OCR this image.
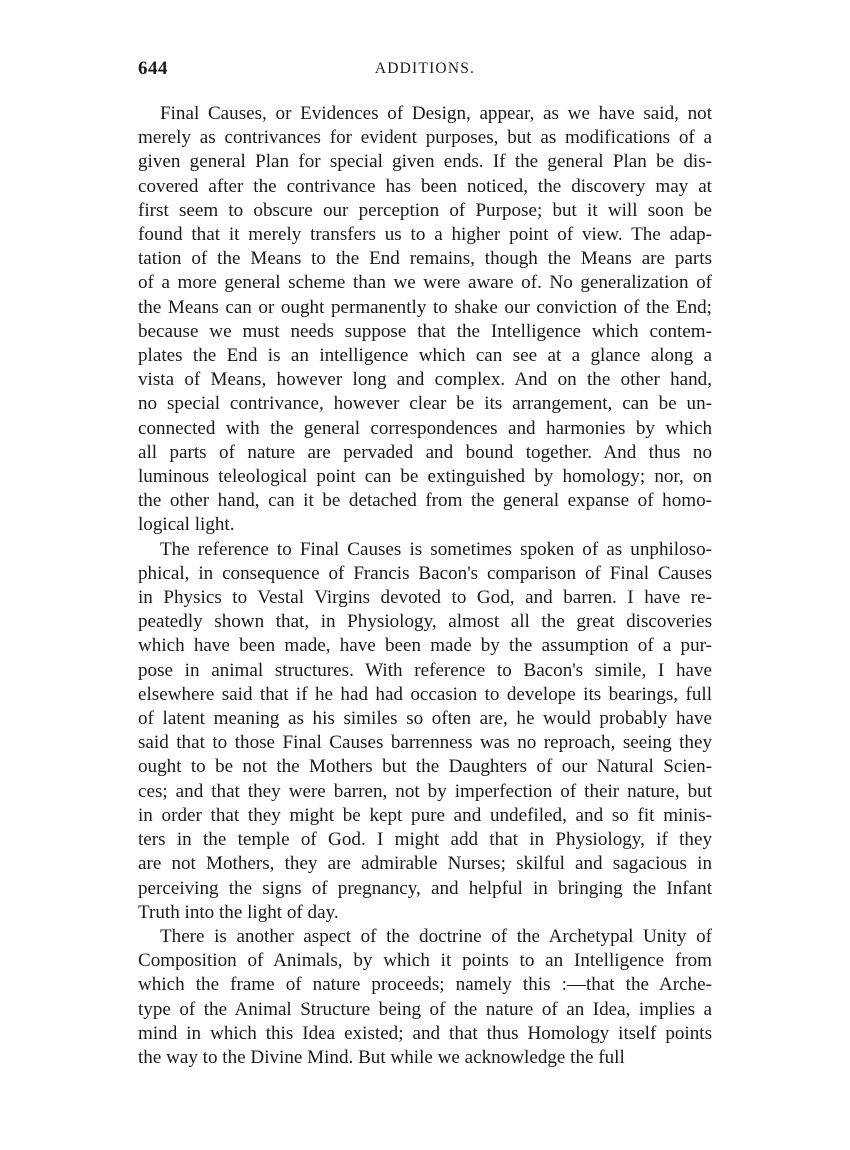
644	ADDITIONS.

Final Causes, or Evidences of Design, appear, as we have said, not
merely as contrivances for evident purposes, but as modifications of a
given general Plan for special given ends. If the general Plan be dis-
covered after the contrivance has been noticed, the discovery may at
first seem to obscure our perception of Purpose; but it will soon be
found that it merely transfers us to a higher point of view. The adap-
tation of the Means to the End remains, though the Means are parts
of a more general scheme than we were aware of. No generalization of
the Means can or ought permanently to shake our conviction of the End;
because we must needs suppose that the Intelligence which contem-
plates the End is an intelligence which can see at a glance along a
vista of Means, however long and complex. And on the other hand,
no special contrivance, however clear be its arrangement, can be un-
connected with the general correspondences and harmonies by which
all parts of nature are pervaded and bound together. And thus no
luminous teleological point can be extinguished by homology; nor, on
the other hand, can it be detached from the general expanse of homo-
logical light.

The reference to Final Causes is sometimes spoken of as unphiloso-
phical, in consequence of Francis Bacon's comparison of Final Causes
in Physics to Vestal Virgins devoted to God, and barren. I have re-
peatedly shown that, in Physiology, almost all the great discoveries
which have been made, have been made by the assumption of a pur-
pose in animal structures. With reference to Bacon's simile, I have
elsewhere said that if he had had occasion to develope its bearings, full
of latent meaning as his similes so often are, he would probably have
said that to those Final Causes barrenness was no reproach, seeing they
ought to be not the Mothers but the Daughters of our Natural Scien-
ces; and that they were barren, not by imperfection of their nature, but
in order that they might be kept pure and undefiled, and so fit minis-
ters in the temple of God. I might add that in Physiology, if they
are not Mothers, they are admirable Nurses; skilful and sagacious in
perceiving the signs of pregnancy, and helpful in bringing the Infant
Truth into the light of day.

There is another aspect of the doctrine of the Archetypal Unity of
Composition of Animals, by which it points to an Intelligence from
which the frame of nature proceeds; namely this :—that the Arche-
type of the Animal Structure being of the nature of an Idea, implies a
mind in which this Idea existed; and that thus Homology itself points
the way to the Divine Mind. But while we acknowledge the full
